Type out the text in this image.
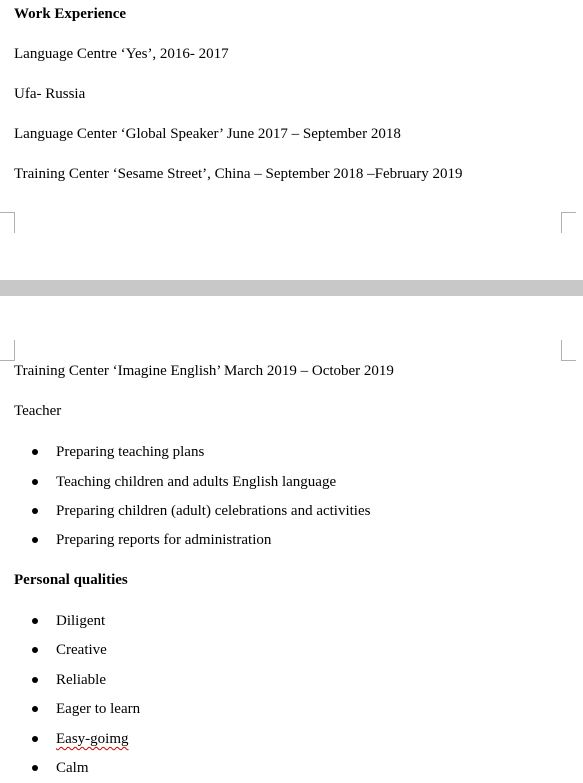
Work Experience
Language Centre ‘Yes’, 2016- 2017
Ufa- Russia
Language Center ‘Global Speaker’ June 2017 – September 2018
Training Center ‘Sesame Street’, China – September 2018 –February 2019
Training Center ‘Imagine English’ March 2019 – October 2019
Teacher
Preparing teaching plans
Teaching children and adults English language
Preparing children (adult) celebrations and activities
Preparing reports for administration
Personal qualities
Diligent
Creative
Reliable
Eager to learn
Easy-goimg
Calm
